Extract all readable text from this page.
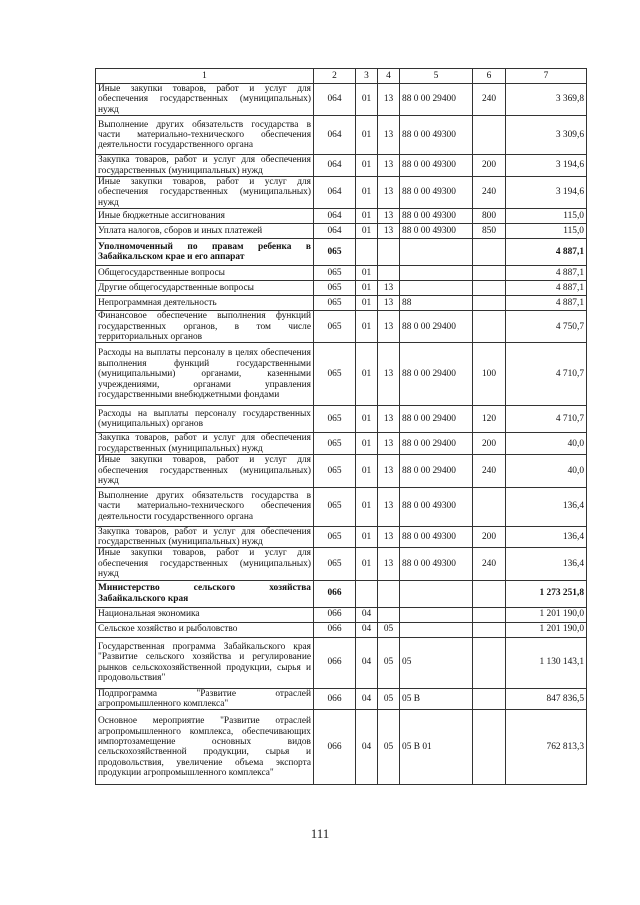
1	2	3	4	5	6	7
Иные закупки товаров, работ и услуг для обеспечения государственных (муниципальных) нужд	064	01	13	88 0 00 29400	240	3 369,8
Выполнение других обязательств государства в части материально-технического обеспечения деятельности государственного органа	064	01	13	88 0 00 49300		3 309,6
Закупка товаров, работ и услуг для обеспечения государственных (муниципальных) нужд	064	01	13	88 0 00 49300	200	3 194,6
Иные закупки товаров, работ и услуг для обеспечения государственных (муниципальных) нужд	064	01	13	88 0 00 49300	240	3 194,6
Иные бюджетные ассигнования	064	01	13	88 0 00 49300	800	115,0
Уплата налогов, сборов и иных платежей	064	01	13	88 0 00 49300	850	115,0
Уполномоченный по правам ребенка в Забайкальском крае и его аппарат	065					4 887,1
Общегосударственные вопросы	065	01				4 887,1
Другие общегосударственные вопросы	065	01	13			4 887,1
Непрограммная деятельность	065	01	13	88		4 887,1
Финансовое обеспечение выполнения функций государственных органов, в том числе территориальных органов	065	01	13	88 0 00 29400		4 750,7
Расходы на выплаты персоналу в целях обеспечения выполнения функций государственными (муниципальными) органами, казенными учреждениями, органами управления государственными внебюджетными фондами	065	01	13	88 0 00 29400	100	4 710,7
Расходы на выплаты персоналу государственных (муниципальных) органов	065	01	13	88 0 00 29400	120	4 710,7
Закупка товаров, работ и услуг для обеспечения государственных (муниципальных) нужд	065	01	13	88 0 00 29400	200	40,0
Иные закупки товаров, работ и услуг для обеспечения государственных (муниципальных) нужд	065	01	13	88 0 00 29400	240	40,0
Выполнение других обязательств государства в части материально-технического обеспечения деятельности государственного органа	065	01	13	88 0 00 49300		136,4
Закупка товаров, работ и услуг для обеспечения государственных (муниципальных) нужд	065	01	13	88 0 00 49300	200	136,4
Иные закупки товаров, работ и услуг для обеспечения государственных (муниципальных) нужд	065	01	13	88 0 00 49300	240	136,4
Министерство сельского хозяйства Забайкальского края	066					1 273 251,8
Национальная экономика	066	04				1 201 190,0
Сельское хозяйство и рыболовство	066	04	05			1 201 190,0
Государственная программа Забайкальского края "Развитие сельского хозяйства и регулирование рынков сельскохозяйственной продукции, сырья и продовольствия"	066	04	05	05		1 130 143,1
Подпрограмма "Развитие отраслей агропромышленного комплекса"	066	04	05	05 В		847 836,5
Основное мероприятие "Развитие отраслей агропромышленного комплекса, обеспечивающих импортозамещение основных видов сельскохозяйственной продукции, сырья и продовольствия, увеличение объема экспорта продукции агропромышленного комплекса"	066	04	05	05 В 01		762 813,3
111
